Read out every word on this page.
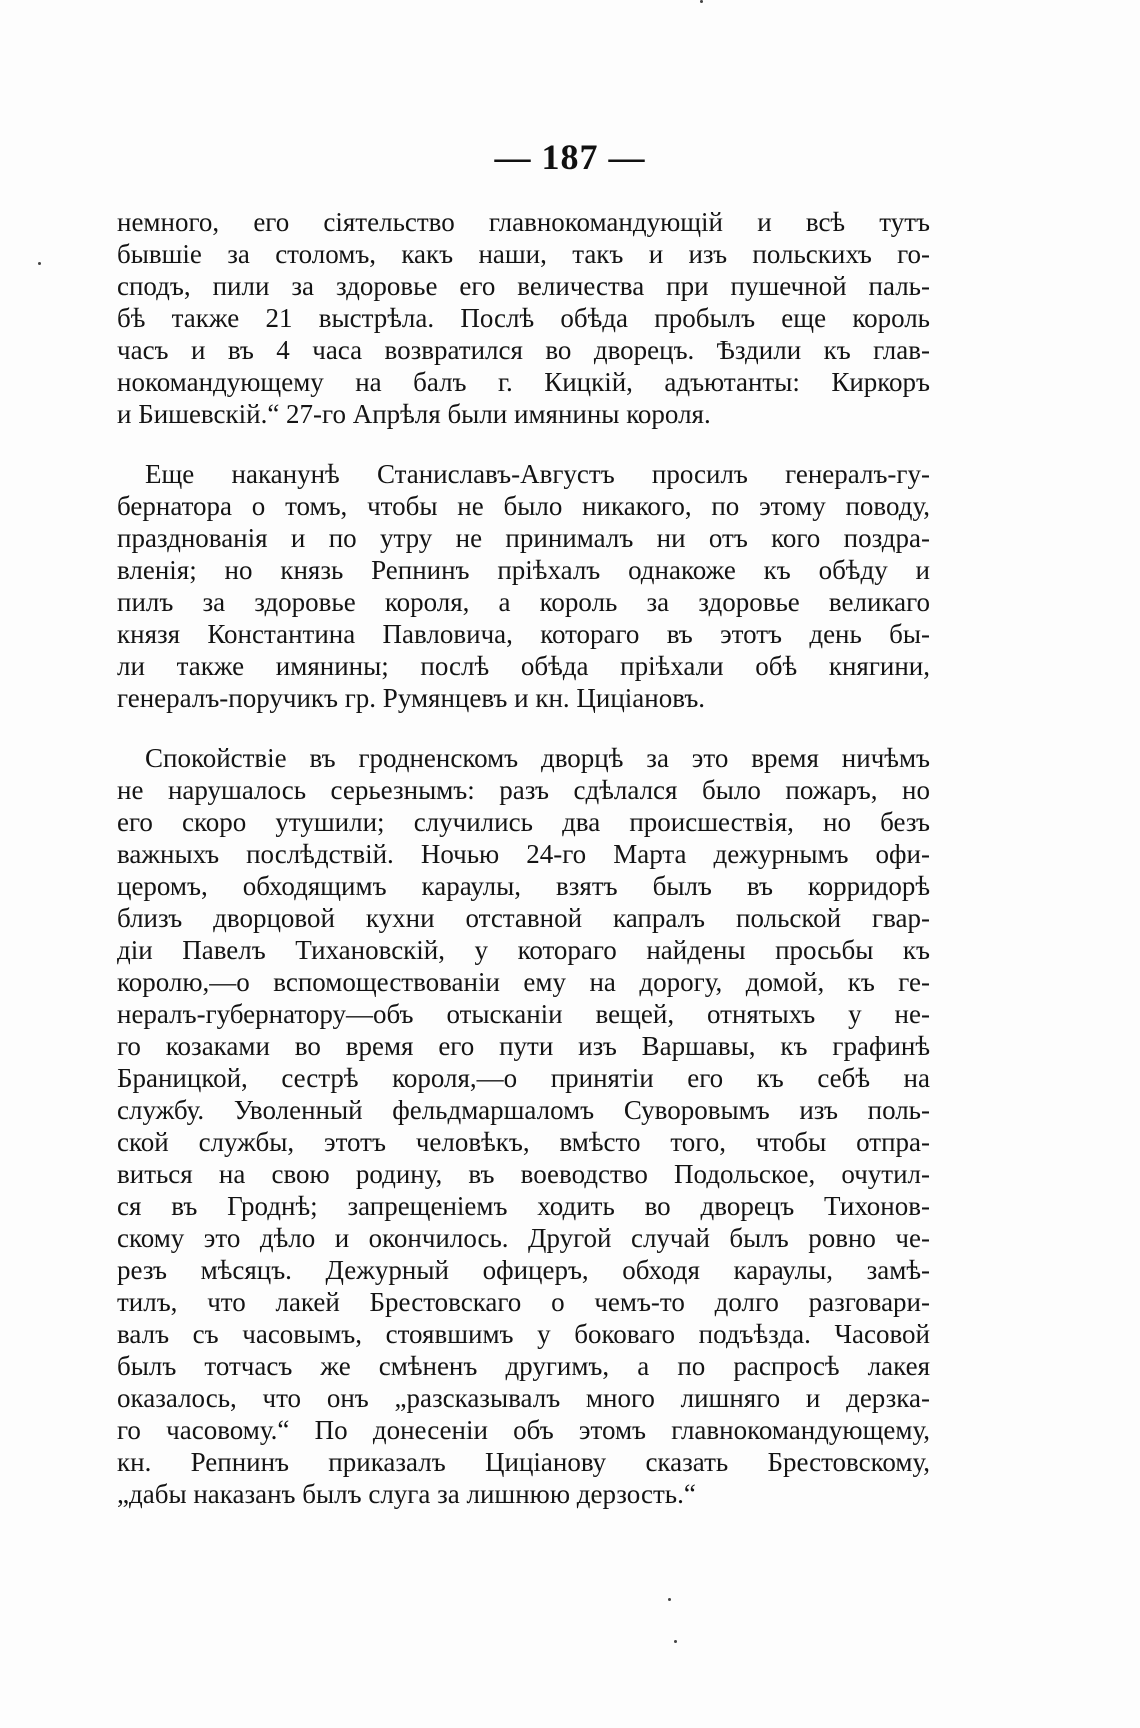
— 187 —
немного, его сіятельство главнокомандующій и всѣ тутъ
бывшіе за столомъ, какъ наши, такъ и изъ польскихъ го-
сподъ, пили за здоровье его величества при пушечной паль-
бѣ также 21 выстрѣла. Послѣ обѣда пробылъ еще король
часъ и въ 4 часа возвратился во дворецъ. Ѣздили къ глав-
нокомандующему на балъ г. Кицкій, адъютанты: Киркоръ
и Бишевскій.“ 27-го Апрѣля были имянины короля.
Еще наканунѣ Станиславъ-Августъ просилъ генералъ-гу-
бернатора о томъ, чтобы не было никакого, по этому поводу,
празднованія и по утру не принималъ ни отъ кого поздра-
вленія; но князь Репнинъ пріѣхалъ однакоже къ обѣду и
пилъ за здоровье короля, а король за здоровье великаго
князя Константина Павловича, котораго въ этотъ день бы-
ли также имянины; послѣ обѣда пріѣхали обѣ княгини,
генералъ-поручикъ гр. Румянцевъ и кн. Циціановъ.
Спокойствіе въ гродненскомъ дворцѣ за это время ничѣмъ
не нарушалось серьезнымъ: разъ сдѣлался было пожаръ, но
его скоро утушили; случились два происшествія, но безъ
важныхъ послѣдствій. Ночью 24-го Марта дежурнымъ офи-
церомъ, обходящимъ караулы, взятъ былъ въ корридорѣ
близъ дворцовой кухни отставной капралъ польской гвар-
діи Павелъ Тихановскій, у котораго найдены просьбы къ
королю,—о вспомоществованіи ему на дорогу, домой, къ ге-
нералъ-губернатору—объ отысканіи вещей, отнятыхъ у не-
го козаками во время его пути изъ Варшавы, къ графинѣ
Браницкой, сестрѣ короля,—о принятіи его къ себѣ на
службу. Уволенный фельдмаршаломъ Суворовымъ изъ поль-
ской службы, этотъ человѣкъ, вмѣсто того, чтобы отпра-
виться на свою родину, въ воеводство Подольское, очутил-
ся въ Гроднѣ; запрещеніемъ ходить во дворецъ Тихонов-
скому это дѣло и окончилось. Другой случай былъ ровно че-
резъ мѣсяцъ. Дежурный офицеръ, обходя караулы, замѣ-
тилъ, что лакей Брестовскаго о чемъ-то долго разговари-
валъ съ часовымъ, стоявшимъ у боковаго подъѣзда. Часовой
былъ тотчасъ же смѣненъ другимъ, а по распросѣ лакея
оказалось, что онъ „разсказывалъ много лишняго и дерзка-
го часовому.“ По донесеніи объ этомъ главнокомандующему,
кн. Репнинъ приказалъ Циціанову сказать Брестовскому,
„дабы наказанъ былъ слуга за лишнюю дерзость.“
